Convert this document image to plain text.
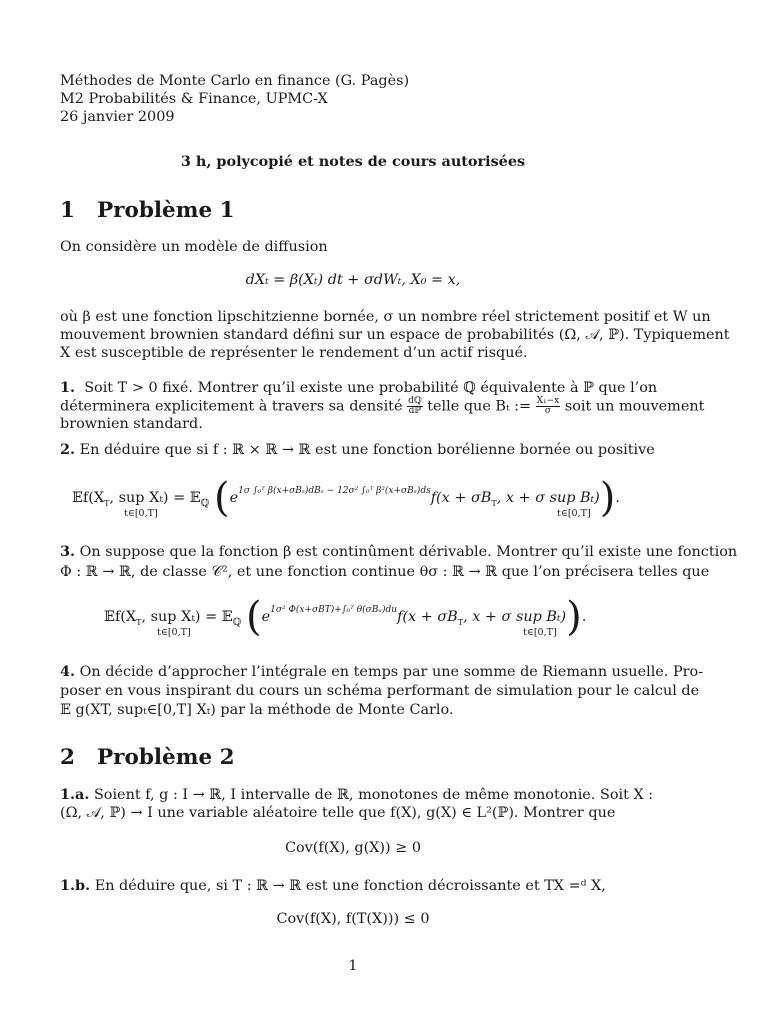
Méthodes de Monte Carlo en finance (G. Pagès)
M2 Probabilités & Finance, UPMC-X
26 janvier 2009
3 h, polycopié et notes de cours autorisées
1 Problème 1
On considère un modèle de diffusion
dXₜ = β(Xₜ) dt + σdWₜ, X₀ = x,
où β est une fonction lipschitzienne bornée, σ un nombre réel strictement positif et W un
mouvement brownien standard défini sur un espace de probabilités (Ω, 𝒜, ℙ). Typiquement
X est susceptible de représenter le rendement d’un actif risqué.
1. Soit T > 0 fixé. Montrer qu’il existe une probabilité ℚ équivalente à ℙ que l’on
déterminera explicitement à travers sa densité $\frac{\text{dℚ}}{\text{dℙ}}$ telle que Bₜ := $\frac{\text{X₁−x}}{\sigma}$ soit un mouvement
brownien standard.
2. En déduire que si f : ℝ × ℝ → ℝ est une fonction borélienne bornée ou positive
$𝔼f(X_T$, sup Xₜ) = 𝔼$_ℚ$ ($e^{1\sigma \int_0ᵀ \beta(x+\sigma B_s)dB_s - 12\sigma^2 \int_0ᵀ \beta^2(x+\sigma B_s)ds}f(x + \sigma B_T$, x + σ sup Bₜ)).
t∈[0,T]	t∈[0,T]
3. On suppose que la fonction β est continûment dérivable. Montrer qu’il existe une fonction
Φ : ℝ → ℝ, de classe 𝒞², et une fonction continue θσ : ℝ → ℝ que l’on précisera telles que
$𝔼f(X_T$, sup Xₜ) = 𝔼$_ℚ$ ($e^{1\sigma^2 \Phi(x+\sigma BT)+\int_0ᵀ \theta(\sigma Bᵤ)du}f(x + \sigma B_T$, x + σ sup Bₜ)).
t∈[0,T]	t∈[0,T]
4. On décide d’approcher l’intégrale en temps par une somme de Riemann usuelle. Pro-
poser en vous inspirant du cours un schéma performant de simulation pour le calcul de
𝔼 g(XT, supₜ∈[0,T] Xₜ) par la méthode de Monte Carlo.
2 Problème 2
1.a. Soient f, g : I → ℝ, I intervalle de ℝ, monotones de même monotonie. Soit X :
(Ω, 𝒜, ℙ) → I une variable aléatoire telle que f(X), g(X) ∈ L²(ℙ). Montrer que
Cov(f(X), g(X)) ≥ 0
1.b. En déduire que, si T : ℝ → ℝ est une fonction décroissante et TX =ᵈ X,
Cov(f(X), f(T(X))) ≤ 0
1
